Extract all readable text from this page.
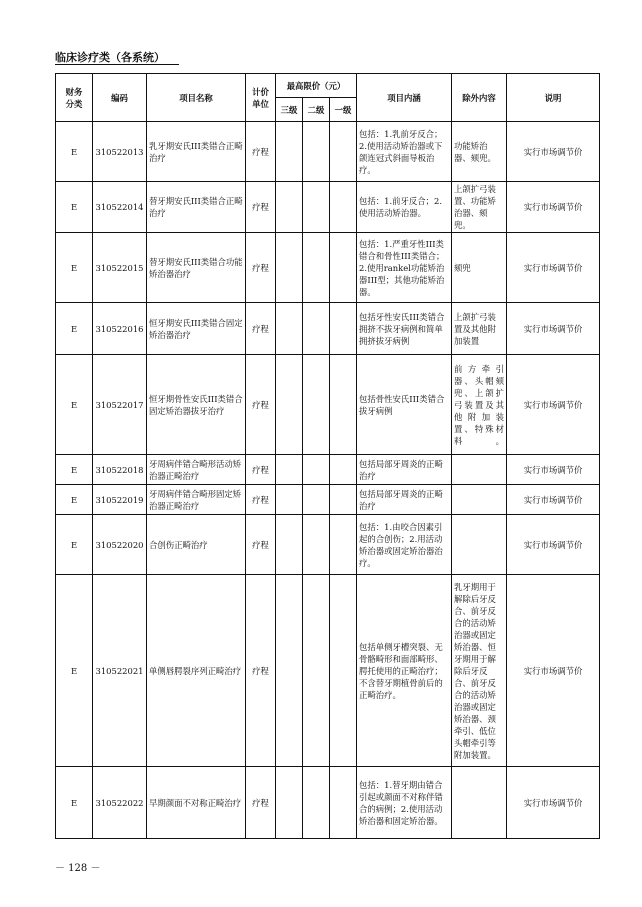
临床诊疗类（各系统）
财务
分类	编码	项目名称	计价
单位	最高限价（元）			项目内涵	除外内容	说明
				三级	二级	一级			
E	310522013	乳牙期安氏III类错合正畸治疗	疗程				包括：1.乳前牙反合；2.使用活动矫治器或下颌连冠式斜面导板治疗。	功能矫治器、颏兜。	实行市场调节价
E	310522014	替牙期安氏III类错合正畸治疗	疗程				包括：1.前牙反合；2.使用活动矫治器。	上颌扩弓装置、功能矫治器、颏兜。	实行市场调节价
E	310522015	替牙期安氏III类错合功能矫治器治疗	疗程				包括：1.严重牙性III类错合和骨性III类错合；2.使用rankel功能矫治器III型；其他功能矫治器。	颏兜	实行市场调节价
E	310522016	恒牙期安氏III类错合固定矫治器治疗	疗程				包括牙性安氏III类错合拥挤不拔牙病例和简单拥挤拔牙病例	上颌扩弓装置及其他附加装置	实行市场调节价
E	310522017	恒牙期骨性安氏III类错合固定矫治器拔牙治疗	疗程				包括骨性安氏III类错合拔牙病例	前方牵引器、头帽颏兜、上颌扩弓装置及其他附加装置、特殊材料。	实行市场调节价
E	310522018	牙周病伴错合畸形活动矫治器正畸治疗	疗程				包括局部牙周炎的正畸治疗		实行市场调节价
E	310522019	牙周病伴错合畸形固定矫治器正畸治疗	疗程				包括局部牙周炎的正畸治疗		实行市场调节价
E	310522020	合创伤正畸治疗	疗程				包括：1.由咬合因素引起的合创伤；2.用活动矫治器或固定矫治器治疗。		实行市场调节价
E	310522021	单侧唇腭裂序列正畸治疗	疗程				包括单侧牙槽突裂、无骨骼畸形和面部畸形、腭托使用的正畸治疗；不含替牙期植骨前后的正畸治疗。	乳牙期用于解除后牙反合、前牙反合的活动矫治器或固定矫治器、恒牙期用于解除后牙反合、前牙反合的活动矫治器或固定矫治器、颈牵引、低位头帽牵引等附加装置。	实行市场调节价
E	310522022	早期颜面不对称正畸治疗	疗程				包括：1.替牙期由错合引起或颜面不对称伴错合的病例；2.使用活动矫治器和固定矫治器。		实行市场调节价
－ 128 －
